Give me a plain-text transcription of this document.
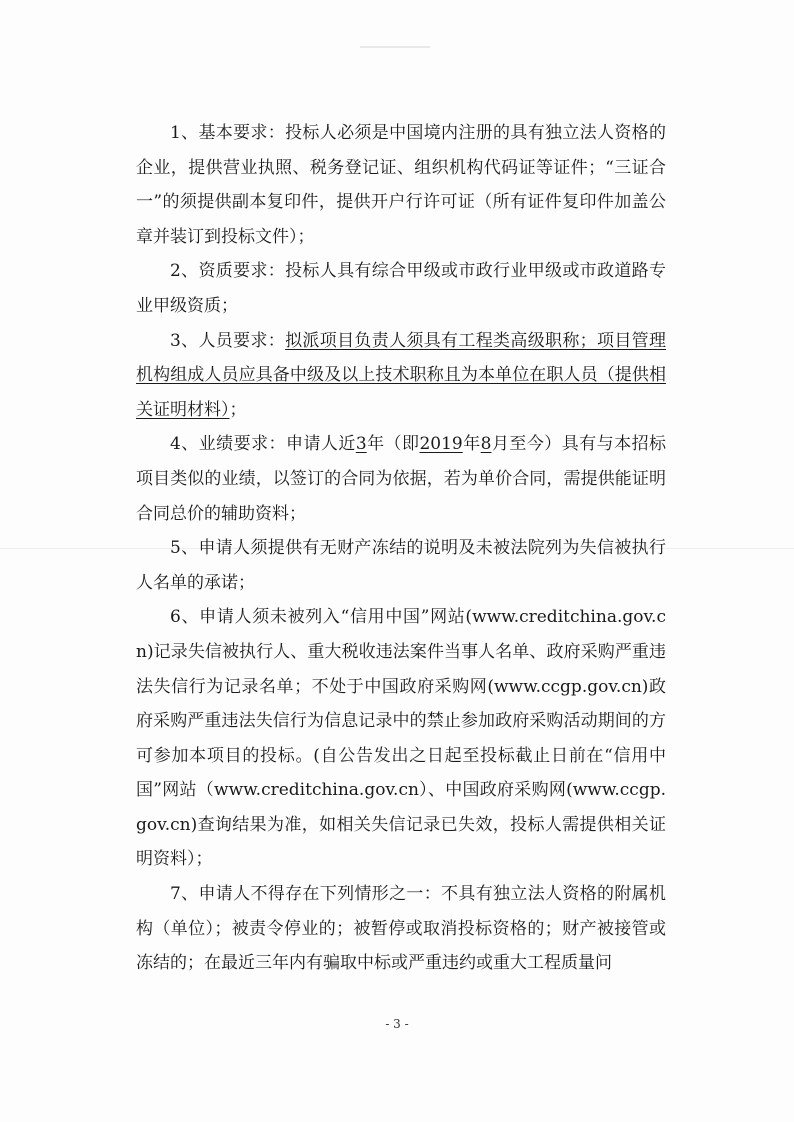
1、基本要求：投标人必须是中国境内注册的具有独立法人资格的企业，提供营业执照、税务登记证、组织机构代码证等证件；“三证合一”的须提供副本复印件，提供开户行许可证（所有证件复印件加盖公章并装订到投标文件）；

2、资质要求：投标人具有综合甲级或市政行业甲级或市政道路专业甲级资质；

3、人员要求：拟派项目负责人须具有工程类高级职称；项目管理机构组成人员应具备中级及以上技术职称且为本单位在职人员（提供相关证明材料）；

4、业绩要求：申请人近3年（即2019年8月至今）具有与本招标项目类似的业绩，以签订的合同为依据，若为单价合同，需提供能证明合同总价的辅助资料；

5、申请人须提供有无财产冻结的说明及未被法院列为失信被执行人名单的承诺；

6、申请人须未被列入“信用中国”网站(www.creditchina.gov.cn)记录失信被执行人、重大税收违法案件当事人名单、政府采购严重违法失信行为记录名单；不处于中国政府采购网(www.ccgp.gov.cn)政府采购严重违法失信行为信息记录中的禁止参加政府采购活动期间的方可参加本项目的投标。(自公告发出之日起至投标截止日前在“信用中国”网站（www.creditchina.gov.cn）、中国政府采购网(www.ccgp.gov.cn)查询结果为准，如相关失信记录已失效，投标人需提供相关证明资料）；

7、申请人不得存在下列情形之一：不具有独立法人资格的附属机构（单位）；被责令停业的；被暂停或取消投标资格的；财产被接管或冻结的；在最近三年内有骗取中标或严重违约或重大工程质量问

- 3 -
